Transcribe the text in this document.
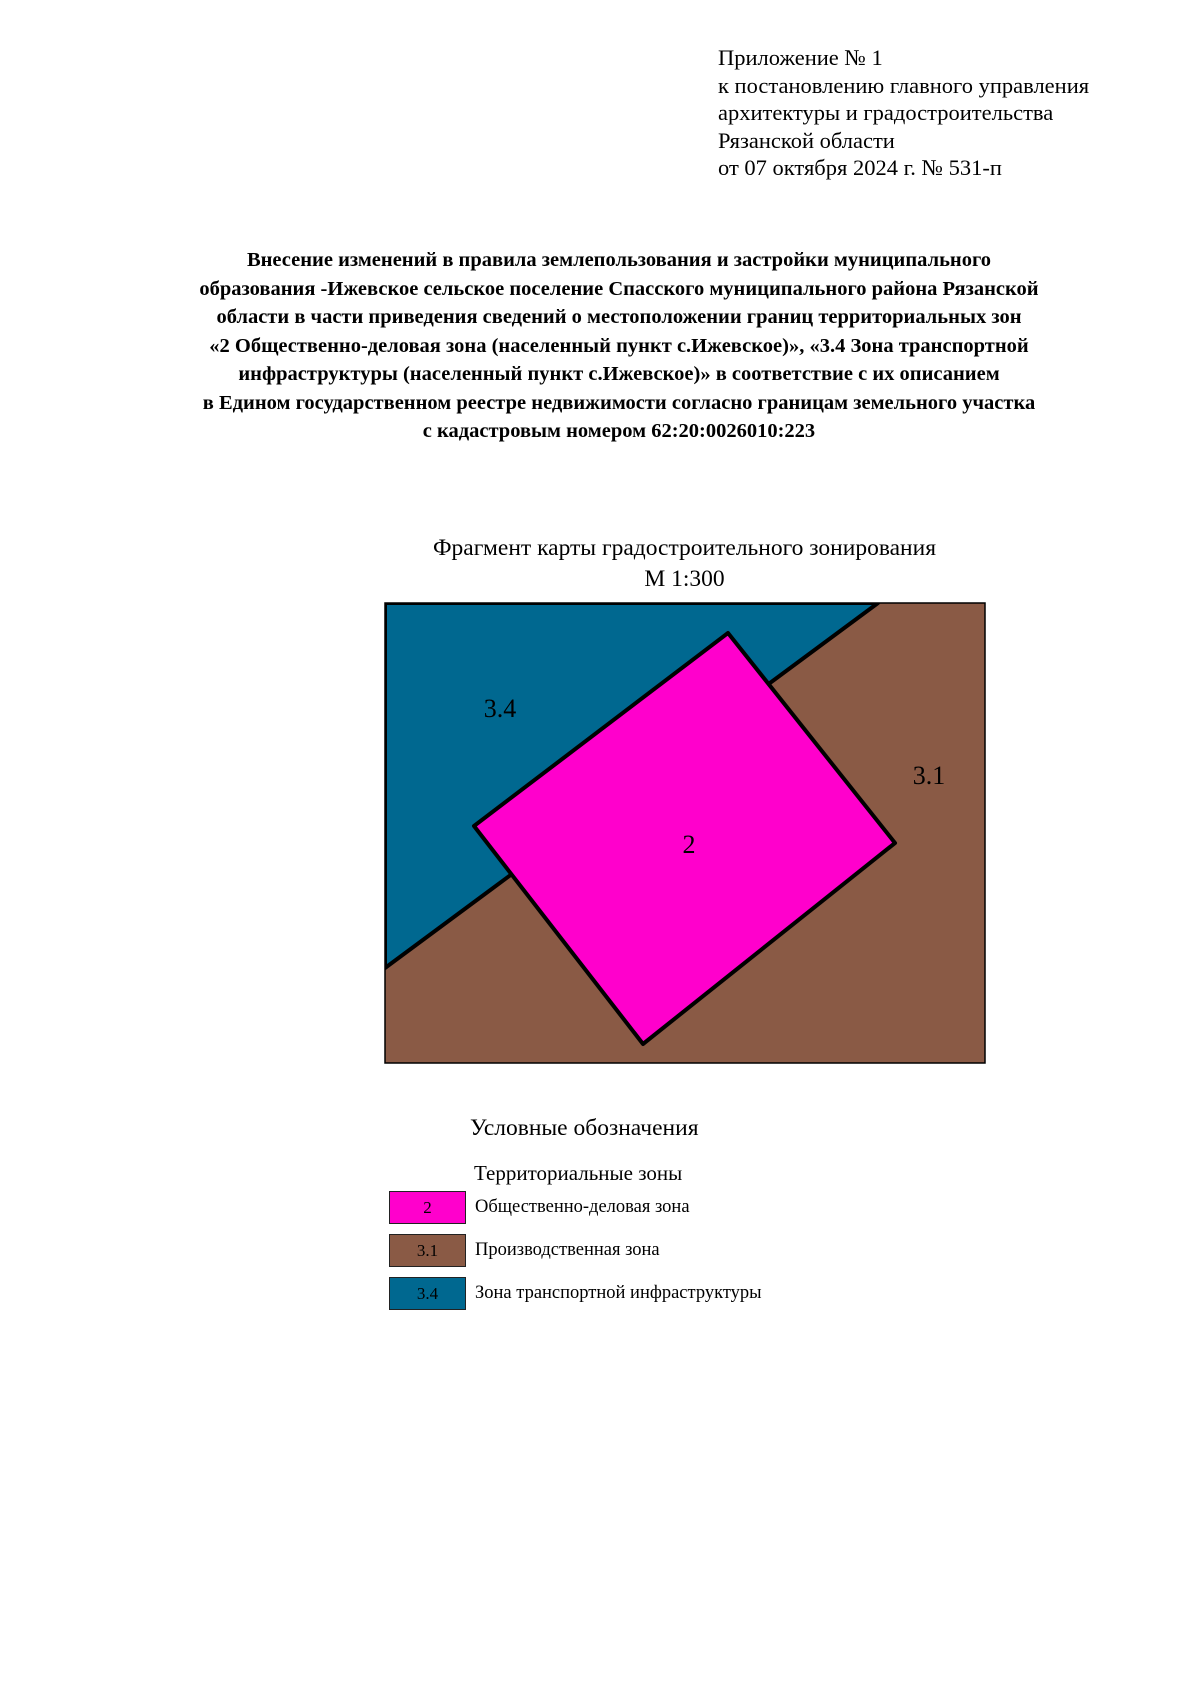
Приложение № 1
к постановлению главного управления
архитектуры и градостроительства
Рязанской области
от 07 октября 2024 г. № 531-п
Внесение изменений в правила землепользования и застройки муниципального
образования -Ижевское сельское поселение Спасского муниципального района Рязанской
области в части приведения сведений о местоположении границ территориальных зон
«2 Общественно-деловая зона (населенный пункт с.Ижевское)», «3.4 Зона транспортной
инфраструктуры (населенный пункт с.Ижевское)» в соответствие с их описанием
в Едином государственном реестре недвижимости согласно границам земельного участка
с кадастровым номером 62:20:0026010:223
Фрагмент карты градостроительного зонирования
М 1:300
3.4
3.1
2
Условные обозначения
Территориальные зоны
2	Общественно-деловая зона
3.1	Производственная зона
3.4	Зона транспортной инфраструктуры
